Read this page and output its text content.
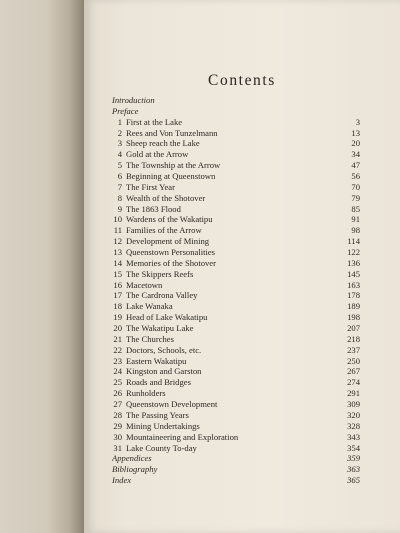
Contents
Introduction
Preface
1 First at the Lake	3
2 Rees and Von Tunzelmann	13
3 Sheep reach the Lake	20
4 Gold at the Arrow	34
5 The Township at the Arrow	47
6 Beginning at Queenstown	56
7 The First Year	70
8 Wealth of the Shotover	79
9 The 1863 Flood	85
10 Wardens of the Wakatipu	91
11 Families of the Arrow	98
12 Development of Mining	114
13 Queenstown Personalities	122
14 Memories of the Shotover	136
15 The Skippers Reefs	145
16 Macetown	163
17 The Cardrona Valley	178
18 Lake Wanaka	189
19 Head of Lake Wakatipu	198
20 The Wakatipu Lake	207
21 The Churches	218
22 Doctors, Schools, etc.	237
23 Eastern Wakatipu	250
24 Kingston and Garston	267
25 Roads and Bridges	274
26 Runholders	291
27 Queenstown Development	309
28 The Passing Years	320
29 Mining Undertakings	328
30 Mountaineering and Exploration	343
31 Lake County To-day	354
Appendices	359
Bibliography	363
Index	365
